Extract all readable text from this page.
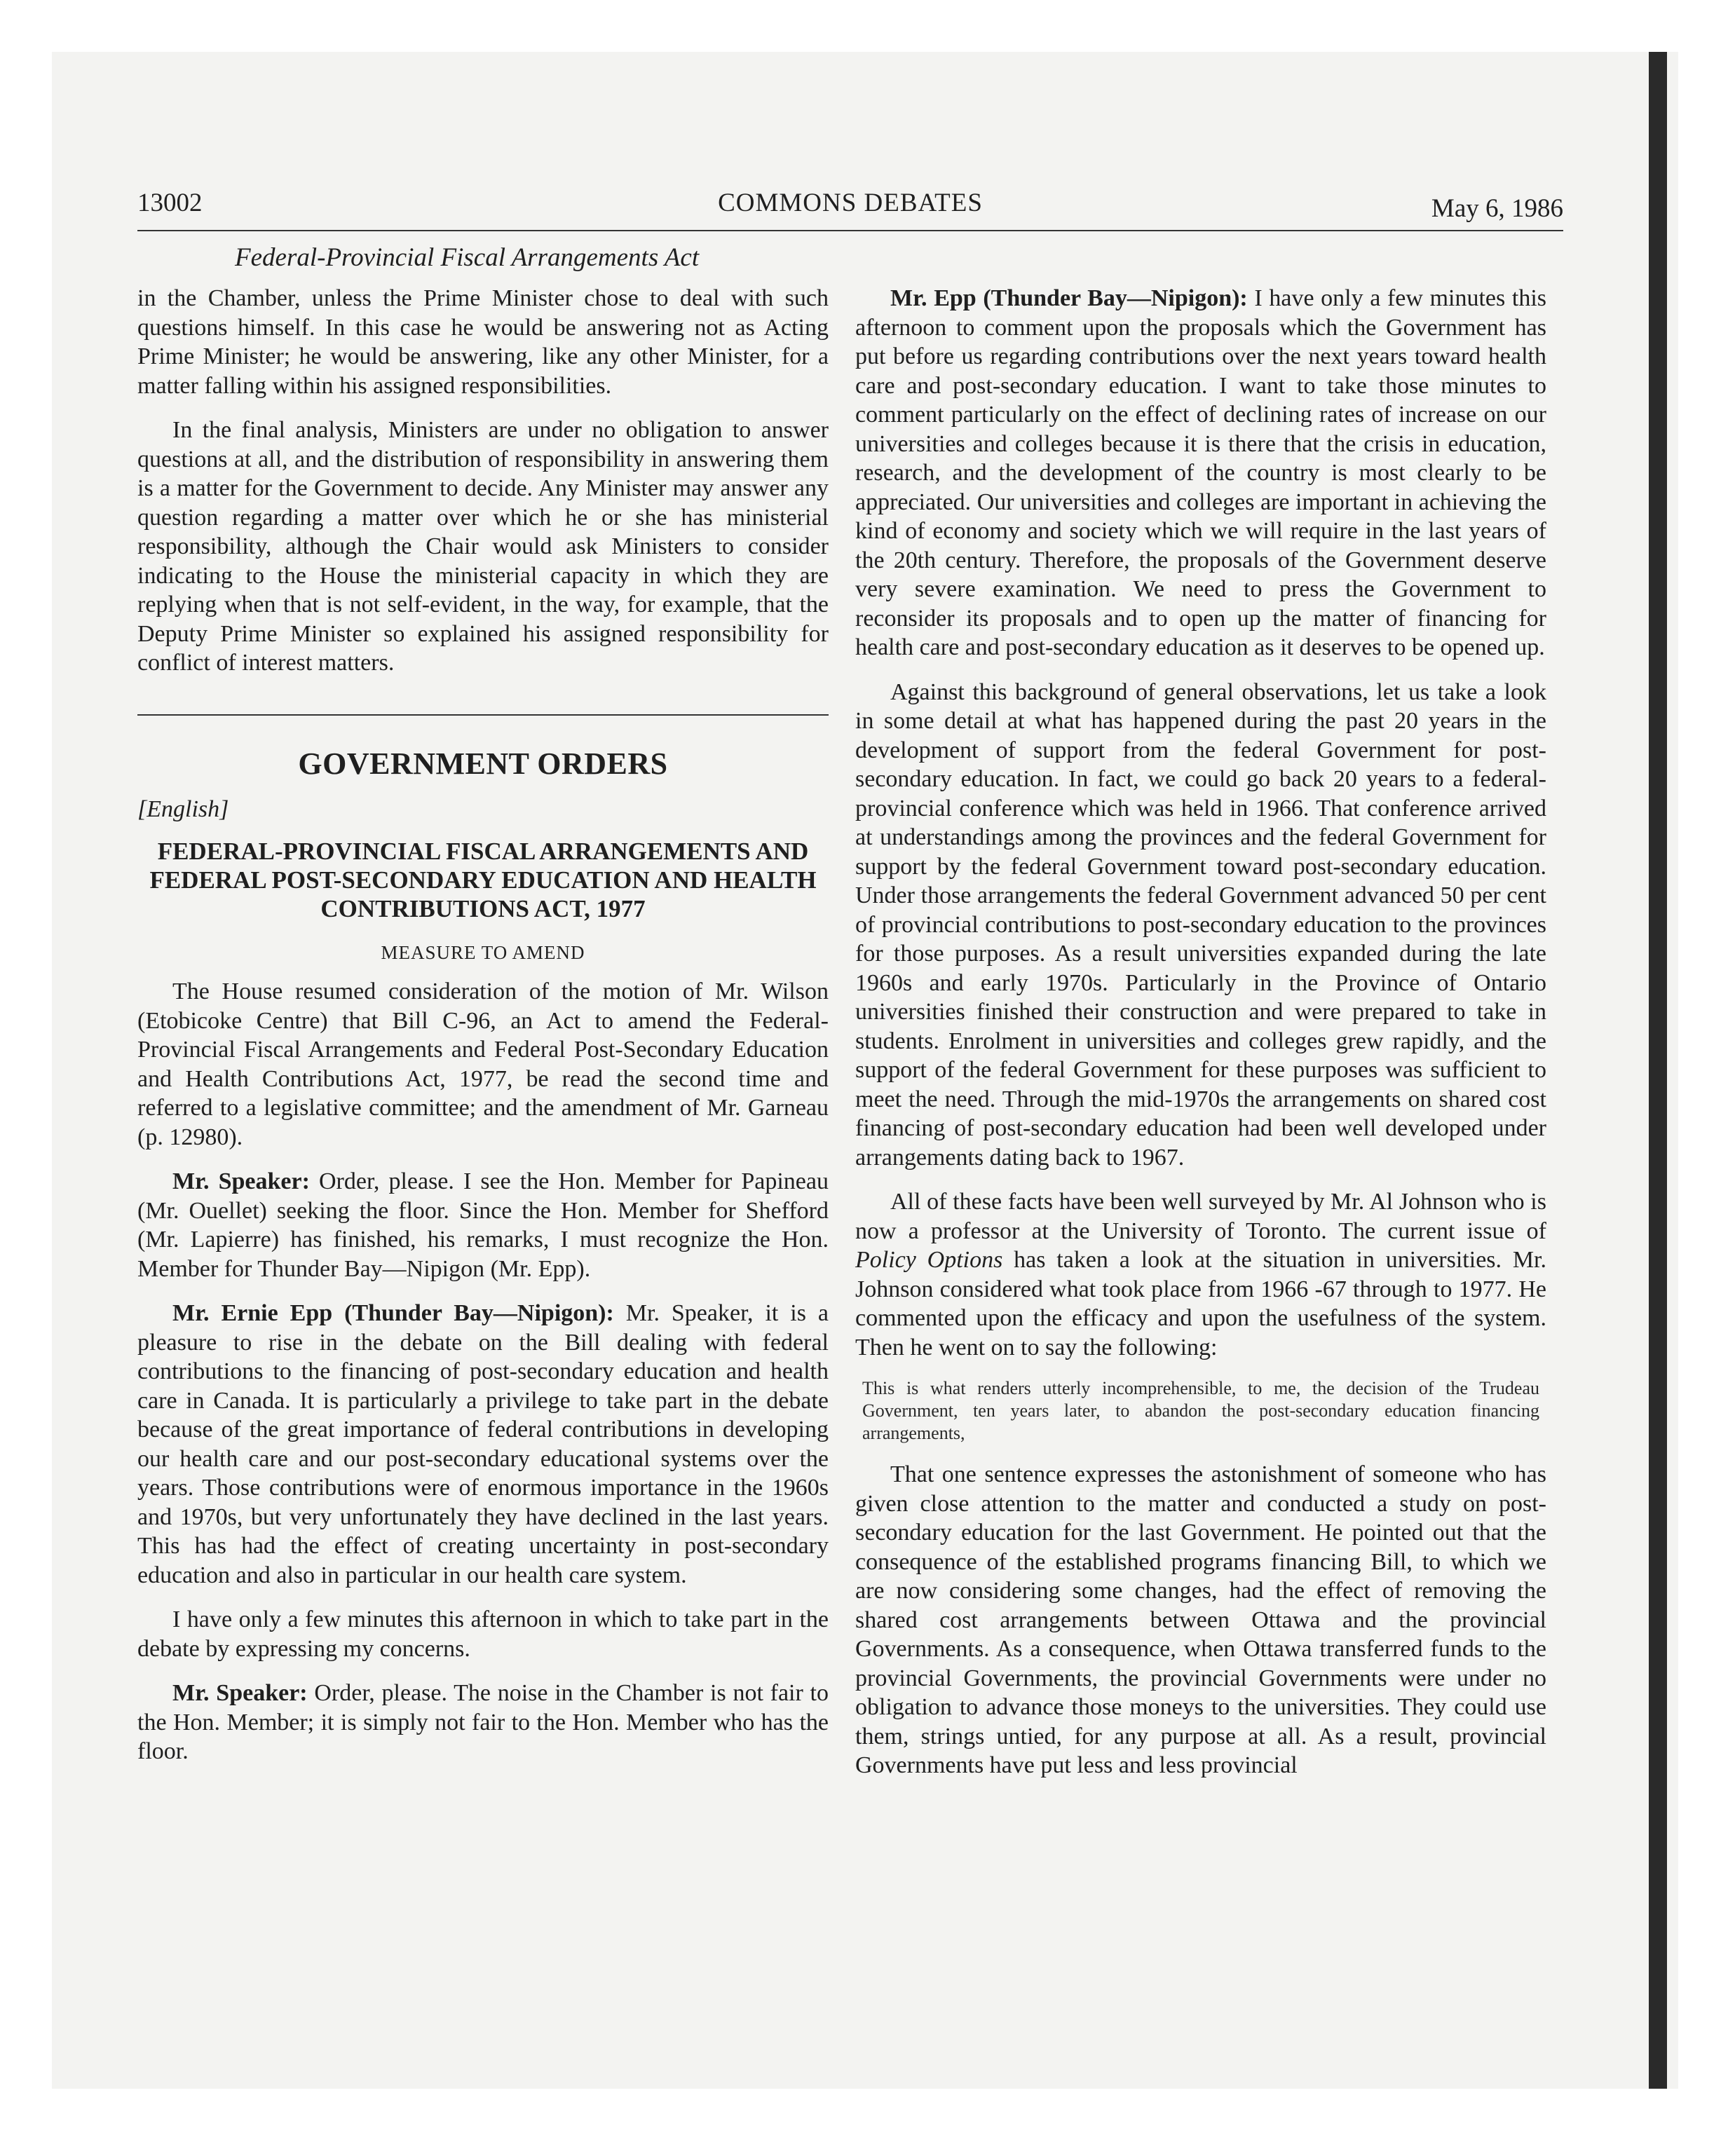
13002	COMMONS DEBATES	May 6, 1986
Federal-Provincial Fiscal Arrangements Act

in the Chamber, unless the Prime Minister chose to deal with such questions himself. In this case he would be answering not as Acting Prime Minister; he would be answering, like any other Minister, for a matter falling within his assigned responsibilities.

In the final analysis, Ministers are under no obligation to answer questions at all, and the distribution of responsibility in answering them is a matter for the Government to decide. Any Minister may answer any question regarding a matter over which he or she has ministerial responsibility, although the Chair would ask Ministers to consider indicating to the House the ministerial capacity in which they are replying when that is not self-evident, in the way, for example, that the Deputy Prime Minister so explained his assigned responsibility for conflict of interest matters.

GOVERNMENT ORDERS
[English]
FEDERAL-PROVINCIAL FISCAL ARRANGEMENTS AND FEDERAL POST-SECONDARY EDUCATION AND HEALTH CONTRIBUTIONS ACT, 1977
MEASURE TO AMEND

The House resumed consideration of the motion of Mr. Wilson (Etobicoke Centre) that Bill C-96, an Act to amend the Federal-Provincial Fiscal Arrangements and Federal Post-Secondary Education and Health Contributions Act, 1977, be read the second time and referred to a legislative committee; and the amendment of Mr. Garneau (p. 12980).

Mr. Speaker: Order, please. I see the Hon. Member for Papineau (Mr. Ouellet) seeking the floor. Since the Hon. Member for Shefford (Mr. Lapierre) has finished, his remarks, I must recognize the Hon. Member for Thunder Bay—Nipigon (Mr. Epp).

Mr. Ernie Epp (Thunder Bay—Nipigon): Mr. Speaker, it is a pleasure to rise in the debate on the Bill dealing with federal contributions to the financing of post-secondary education and health care in Canada. It is particularly a privilege to take part in the debate because of the great importance of federal contributions in developing our health care and our post-secondary educational systems over the years. Those contributions were of enormous importance in the 1960s and 1970s, but very unfortunately they have declined in the last years. This has had the effect of creating uncertainty in post-secondary education and also in particular in our health care system.

I have only a few minutes this afternoon in which to take part in the debate by expressing my concerns.

Mr. Speaker: Order, please. The noise in the Chamber is not fair to the Hon. Member; it is simply not fair to the Hon. Member who has the floor.

Mr. Epp (Thunder Bay—Nipigon): I have only a few minutes this afternoon to comment upon the proposals which the Government has put before us regarding contributions over the next years toward health care and post-secondary education. I want to take those minutes to comment particularly on the effect of declining rates of increase on our universities and colleges because it is there that the crisis in education, research, and the development of the country is most clearly to be appreciated. Our universities and colleges are important in achieving the kind of economy and society which we will require in the last years of the 20th century. Therefore, the proposals of the Government deserve very severe examination. We need to press the Government to reconsider its proposals and to open up the matter of financing for health care and post-secondary education as it deserves to be opened up.

Against this background of general observations, let us take a look in some detail at what has happened during the past 20 years in the development of support from the federal Government for post-secondary education. In fact, we could go back 20 years to a federal-provincial conference which was held in 1966. That conference arrived at understandings among the provinces and the federal Government for support by the federal Government toward post-secondary education. Under those arrangements the federal Government advanced 50 per cent of provincial contributions to post-secondary education to the provinces for those purposes. As a result universities expanded during the late 1960s and early 1970s. Particularly in the Province of Ontario universities finished their construction and were prepared to take in students. Enrolment in universities and colleges grew rapidly, and the support of the federal Government for these purposes was sufficient to meet the need. Through the mid-1970s the arrangements on shared cost financing of post-secondary education had been well developed under arrangements dating back to 1967.

All of these facts have been well surveyed by Mr. Al Johnson who is now a professor at the University of Toronto. The current issue of Policy Options has taken a look at the situation in universities. Mr. Johnson considered what took place from 1966 -67 through to 1977. He commented upon the efficacy and upon the usefulness of the system. Then he went on to say the following:

This is what renders utterly incomprehensible, to me, the decision of the Trudeau Government, ten years later, to abandon the post-secondary education financing arrangements,

That one sentence expresses the astonishment of someone who has given close attention to the matter and conducted a study on post-secondary education for the last Government. He pointed out that the consequence of the established programs financing Bill, to which we are now considering some changes, had the effect of removing the shared cost arrangements between Ottawa and the provincial Governments. As a consequence, when Ottawa transferred funds to the provincial Governments, the provincial Governments were under no obligation to advance those moneys to the universities. They could use them, strings untied, for any purpose at all. As a result, provincial Governments have put less and less provincial
